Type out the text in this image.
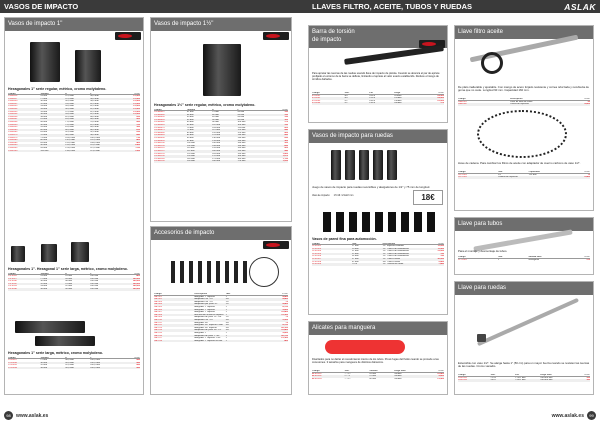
VASOS DE IMPACTO	LLAVES FILTRO, ACEITE, TUBOS Y RUEDAS	ASLAK
Vasos de impacto 1"
Hexagonales 1" serie regular, métrico, cromo molybdeno.
Código	Tamaño	D	L	P.V.P.
1VM0024	24 mm	47,0 mm	58,0 mm	21,50€
1VM0027	27 mm	47,0 mm	58,0 mm	21,50€
1VM0030	30 mm	50,0 mm	58,0 mm	21,50€
1VM0032	32 mm	53,0 mm	62,0 mm	21,50€
1VM0033	33 mm	54,0 mm	62,0 mm	21,50€
1VM0034	34 mm	56,0 mm	62,0 mm	21,50€
1VM0035	35 mm	57,0 mm	62,0 mm	21,50€
1VM0036	36 mm	59,0 mm	62,0 mm	21,50€
1VM0038	38 mm	62,0 mm	68,0 mm	25€
1VM0041	41 mm	65,0 mm	68,0 mm	26€
1VM0046	46 mm	71,0 mm	76,0 mm	28€
1VM0050	50 mm	75,0 mm	81,0 mm	31€
1VM0055	55 mm	81,0 mm	84,0 mm	39€
1VM0060	60 mm	86,0 mm	86,0 mm	41€
1VM0065	65 mm	92,0 mm	92,0 mm	53€
1VM0070	70 mm	98,0 mm	98,0 mm	64€
1VM0075	75 mm	105,0 mm	100,0 mm	73€
1VM0080	80 mm	110,0 mm	102,0 mm	86€
1VM0085	85 mm	115,0 mm	108,0 mm	96€
1VM0090	90 mm	120,0 mm	110,0 mm	106€
1VM0095	95 mm	125,0 mm	112,0 mm	111€
1VM0100	100 mm	135,0 mm	115,0 mm	116€
Hexagonales 1". Hexagonal 1" serie larga, métrico, cromo molybdeno.
Código	Tamaño	D	L	P.V.P.
1VL0024	24 mm	41 mm	100 mm	40€
1VL0027	27 mm	45 mm	100 mm	40,20€
1VL0030	30 mm	48 mm	100 mm	40,20€
1VL0032	32 mm	51 mm	100 mm	40,20€
1VL0033	33 mm	52 mm	100 mm	40,20€
1VL0036	36 mm	56 mm	100 mm	40,20€
Hexagonales 1" serie larga, métrico, cromo molybdeno.
Código	Tamaño	D	L	P.V.P.
1VX0027	27 mm	48,0 mm	100,0 mm	28€
1VX0030	30 mm	50,0 mm	100,0 mm	28€
1VX0032	32 mm	52,0 mm	100,0 mm	28€
1VX0036	36 mm	56,0 mm	100,0 mm	28€
Vasos de impacto 1½"
Hexagonales 1½" serie regular, métrico, cromo molybdeno.
Código	Tamaño	D	L	P.V.P.
15VM0041	41 mm	75 mm	93 mm	19€
15VM0046	46 mm	80 mm	93 mm	19€
15VM0050	50 mm	85 mm	93 mm	19€
15VM0055	55 mm	90 mm	95 mm	16€
15VM0060	60 mm	96 mm	100 mm	17€
15VM0065	65 mm	102 mm	100 mm	19€
15VM0070	70 mm	109 mm	115 mm	20€
15VM0075	75 mm	115 mm	125 mm	24€
15VM0080	80 mm	120 mm	125 mm	26€
15VM0085	85 mm	125 mm	130 mm	28€
15VM0090	90 mm	130 mm	130 mm	29€
15VM0095	95 mm	135 mm	140 mm	30€
15VM0100	100 mm	140 mm	140 mm	32€
15VM0105	105 mm	148 mm	140 mm	43€
15VM0110	110 mm	155 mm	145 mm	50€
15VM0115	115 mm	160 mm	155 mm	54€
15VM0120	120 mm	165 mm	155 mm	1,00€
15VM0130	130 mm	170 mm	160 mm	1,07€
15VM0140	140 mm	175 mm	165 mm	1,11€
15VM0150	150 mm	180 mm	170 mm	1,22€
Accesorios de impacto
Código	Descripción	Tam.	P.V.P.
1AC001	Alargador 1" impacto	1"	4,40€
1AC002	Adaptador 3/4"-1/2"	3/4"	4,40€
1AC003	Adaptador 3/4"-1/2"	1/2"	7€
1AC004	Adaptador por junta 1/2"	1/2"	4,40€
1AC005	Alargador 1" impacto	1"	8,70€
1AC006	Alargador 1" impacto	1"	9,60€
1AC007	Alargador 1" impacto	1"	10,40€
1AC008	Articulación universal impacto	1"	12,30€
1AC009	Adaptador de junta 1/2"-3/8"	1/2"	7€
1AC010	Adaptador 3/4"-1/2"	3/4"	5,20€
1AC011	Alargador 3/4"	3/4"	7€
1AC012	Alargador 3/4" impacto 5 mm	3/4"	8,70€
1AC013	Alargador 3/4" impacto	3/4"	20,10€
1AC014	Adaptador de junta 3/4"-1/2"	3/4"	10,40€
1AC015	Alargador 1"	1"	9,60€
1AC016	Adaptador de junta 1"-3/4"	1"	26,70€
1AC017	Alargador 1" impacto 1 3/4"	1"	21,30€
1AC018	Alargador 1" impacto 80 mm	1"	40€
Barra de torsión
de impacto
Para apretar las tuercas de las ruedas usando llave de impacto de pistola. Cuando se alcanza el par de apriete prefijado el extremo de la barra se defleta, limitando el apriete al valor exacto establecido. Reduce el riesgo de tornillos dañados.
Código	Tam.	Par	Largo	P.V.P.
BTI1001	3/4"	100 N	110mm	14,50€
BTI1002	3/4"	120 N	120mm	14,50€
BTI1003	1/2"	140 N	150mm	15,20€
BTI1004	1/2"	150 N	160mm	17€
Vasos de impacto para ruedas
Juego de vasos de impacto para ruedas reversibles y alargadores de 1/2" y 75 mm de longitud.
Vaso de impacto 17x19 / 21x22 mm	18€
Vasos de pared fina para automoción.
Código	Tam.	Descripción	P.V.P.
VPF1002	17 mm	1/2" Impacto estándar	11,20€
VPF1003	19 mm	1/2" Tuerca de rendimiento	11,90€
VPF1004	21 mm	1/2" Tuerca de rendimiento	13,50€
VPF1005	22 mm	1/2" Tuerca de rendimiento	15€
VPF1006	24 mm	1/2" Tuerca de rendimiento	15€
VPF1007	27 mm	1/2" Tuerca rueda	16,50€
VPF1008	32 mm	3/4" Tuerca rueda	2,40€
VPF1009	TX70	1/2" Tornillo de rueda	7,46€
Alicates para manguera
Diseñados para no dañar el revestimiento interno de los tubos. Prevé fugas del fluido cuando se procede a las conexiones. 3 tamaños para manguera de distintos diámetros.
Código	Tam.	Tamaño	Largo total	P.V.P.
APM1001	¾"-1¼"	55 mm	200mm	10,40€
APM1002	1¼"-2"	70 mm	200mm	9,60€
APM1003	¾"-2½"	90 mm	200mm	13,90€
Llave filtro aceite
De plato inalterable y ajustable. Con mango de acero forjado resistente y correa reforzada y recubierta de goma que no cede. Longitud 90 mm. Capacidad 160 mm.
Código	Descripción	P.V.P.
LFA1001	Llave de filtro de aceite	5€
LFA1002	Correa de repuesto	8,60€
Llave de cadena. Para cambiar los filtros de aceite con adaptador de cuerno carbono de vaso 1/2".
Código	Tam.	Capacidad	P.V.P.
LFC1001	1/2"	120 mm	7€
LFC1002	Cadena de repuesto	6,40€
Llave para tubos
Para el montaje y desmontaje de tubos.
Código	Tam.	Medida llave	P.V.P.
LPT1001	1"	Hexagonal	37€
Llave para ruedas
Extensible con vaso 1/2". Se alarga hasta 1" (50 cm) para un mayor fuerza cuando se resisten las tuercas de las ruedas. Cromo vanadio.
Código	Tam.	Ext.	Largo total	P.V.P.
LPR1001	17/19	17x21 mm	250/500 mm	15€
LPR1002	19/22	21x22 mm	250/500 mm	18€
98	www.aslak.es	www.aslak.es	99
